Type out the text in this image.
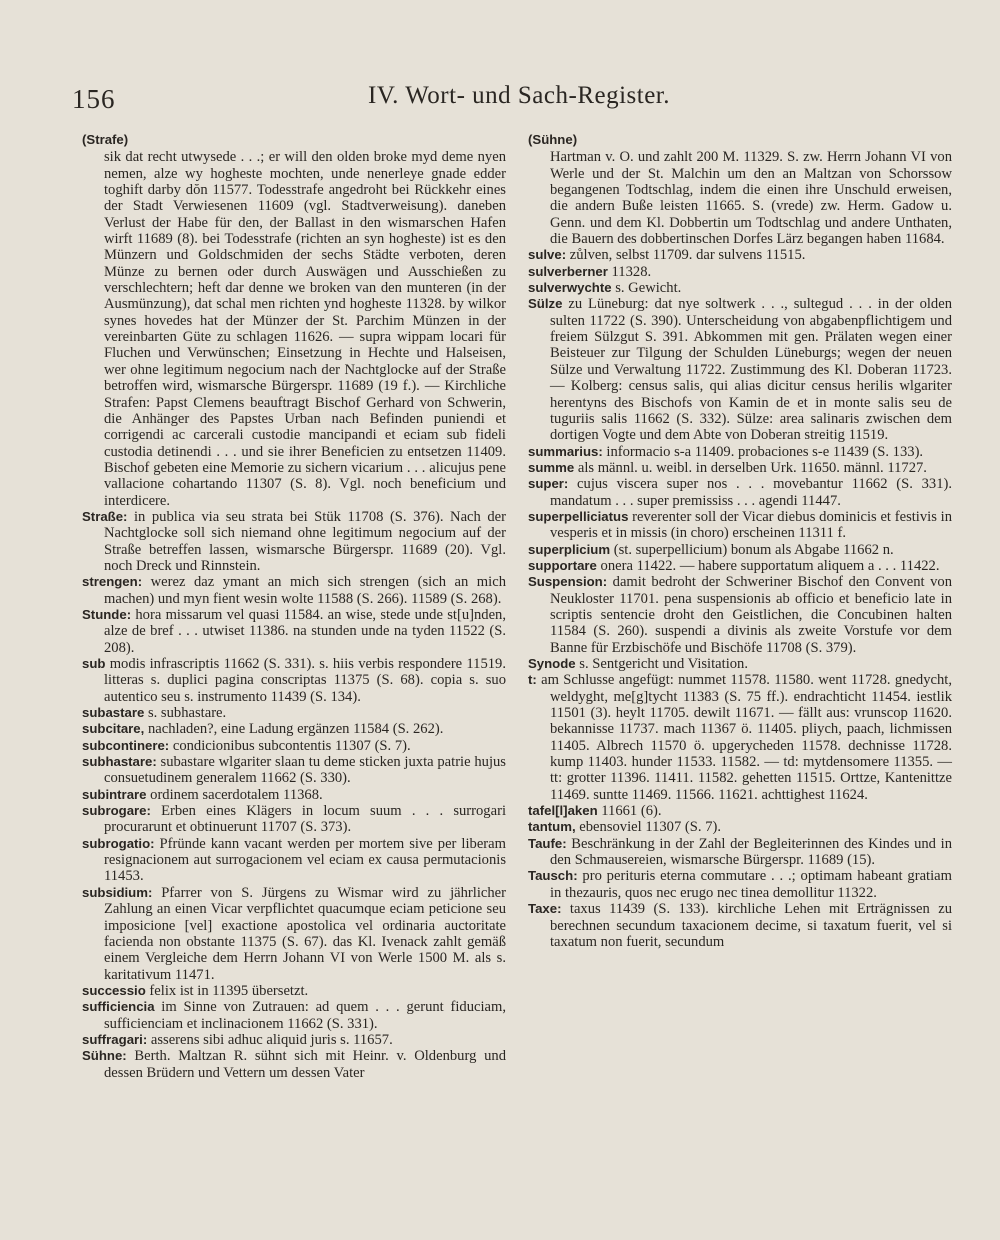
156	IV. Wort- und Sach-Register.

(Strafe)

sik dat recht utwysede . . .; er will den olden broke myd deme nyen nemen, alze wy hogheste mochten, unde nenerleye gnade edder toghift darby dŏn 11577. Todesstrafe angedroht bei Rückkehr eines der Stadt Verwiesenen 11609 (vgl. Stadtverweisung). daneben Verlust der Habe für den, der Ballast in den wismarschen Hafen wirft 11689 (8). bei Todesstrafe (richten an syn hogheste) ist es den Münzern und Goldschmiden der sechs Städte verboten, deren Münze zu bernen oder durch Auswägen und Ausschießen zu verschlechtern; heft dar denne we broken van den munteren (in der Ausmünzung), dat schal men richten ynd hogheste 11328. by wilkor synes hovedes hat der Münzer der St. Parchim Münzen in der vereinbarten Güte zu schlagen 11626. — supra wippam locari für Fluchen und Verwünschen; Einsetzung in Hechte und Halseisen, wer ohne legitimum negocium nach der Nachtglocke auf der Straße betroffen wird, wismarsche Bürgerspr. 11689 (19 f.). — Kirchliche Strafen: Papst Clemens beauftragt Bischof Gerhard von Schwerin, die Anhänger des Papstes Urban nach Befinden puniendi et corrigendi ac carcerali custodie mancipandi et eciam sub fideli custodia detinendi . . . und sie ihrer Beneficien zu entsetzen 11409. Bischof gebeten eine Memorie zu sichern vicarium . . . alicujus pene vallacione cohartando 11307 (S. 8). Vgl. noch beneficium und interdicere.

Straße: in publica via seu strata bei Stük 11708 (S. 376). Nach der Nachtglocke soll sich niemand ohne legitimum negocium auf der Straße betreffen lassen, wismarsche Bürgerspr. 11689 (20). Vgl. noch Dreck und Rinnstein.

strengen: werez daz ymant an mich sich strengen (sich an mich machen) und myn fient wesin wolte 11588 (S. 266). 11589 (S. 268).

Stunde: hora missarum vel quasi 11584. an wise, stede unde st[u]nden, alze de bref . . . utwiset 11386. na stunden unde na tyden 11522 (S. 208).

sub modis infrascriptis 11662 (S. 331). s. hiis verbis respondere 11519. litteras s. duplici pagina conscriptas 11375 (S. 68). copia s. suo autentico seu s. instrumento 11439 (S. 134).

subastare s. subhastare.

subcitare, nachladen?, eine Ladung ergänzen 11584 (S. 262).

subcontinere: condicionibus subcontentis 11307 (S. 7).

subhastare: subastare wlgariter slaan tu deme sticken juxta patrie hujus consuetudinem generalem 11662 (S. 330).

subintrare ordinem sacerdotalem 11368.

subrogare: Erben eines Klägers in locum suum . . . surrogari procurarunt et obtinuerunt 11707 (S. 373).

subrogatio: Pfründe kann vacant werden per mortem sive per liberam resignacionem aut surrogacionem vel eciam ex causa permutacionis 11453.

subsidium: Pfarrer von S. Jürgens zu Wismar wird zu jährlicher Zahlung an einen Vicar verpflichtet quacumque eciam peticione seu imposicione [vel] exactione apostolica vel ordinaria auctoritate facienda non obstante 11375 (S. 67). das Kl. Ivenack zahlt gemäß einem Vergleiche dem Herrn Johann VI von Werle 1500 M. als s. karitativum 11471.

successio felix ist in 11395 übersetzt.

sufficiencia im Sinne von Zutrauen: ad quem . . . gerunt fiduciam, sufficienciam et inclinacionem 11662 (S. 331).

suffragari: asserens sibi adhuc aliquid juris s. 11657.

Sühne: Berth. Maltzan R. sühnt sich mit Heinr. v. Oldenburg und dessen Brüdern und Vettern um dessen Vater

(Sühne)

Hartman v. O. und zahlt 200 M. 11329. S. zw. Herrn Johann VI von Werle und der St. Malchin um den an Maltzan von Schorssow begangenen Todtschlag, indem die einen ihre Unschuld erweisen, die andern Buße leisten 11665. S. (vrede) zw. Herm. Gadow u. Genn. und dem Kl. Dobbertin um Todtschlag und andere Unthaten, die Bauern des dobbertinschen Dorfes Lärz begangen haben 11684.

sulve: zůlven, selbst 11709. dar sulvens 11515.

sulverberner 11328.

sulverwychte s. Gewicht.

Sülze zu Lüneburg: dat nye soltwerk . . ., sultegud . . . in der olden sulten 11722 (S. 390). Unterscheidung von abgabenpflichtigem und freiem Sülzgut S. 391. Abkommen mit gen. Prälaten wegen einer Beisteuer zur Tilgung der Schulden Lüneburgs; wegen der neuen Sülze und Verwaltung 11722. Zustimmung des Kl. Doberan 11723. — Kolberg: census salis, qui alias dicitur census herilis wlgariter herentyns des Bischofs von Kamin de et in monte salis seu de tuguriis salis 11662 (S. 332). Sülze: area salinaris zwischen dem dortigen Vogte und dem Abte von Doberan streitig 11519.

summarius: informacio s-a 11409. probaciones s-e 11439 (S. 133).

summe als männl. u. weibl. in derselben Urk. 11650. männl. 11727.

super: cujus viscera super nos . . . movebantur 11662 (S. 331). mandatum . . . super premississ . . . agendi 11447.

superpelliciatus reverenter soll der Vicar diebus dominicis et festivis in vesperis et in missis (in choro) erscheinen 11311 f.

superplicium (st. superpellicium) bonum als Abgabe 11662 n.

supportare onera 11422. — habere supportatum aliquem a . . . 11422.

Suspension: damit bedroht der Schweriner Bischof den Convent von Neukloster 11701. pena suspensionis ab officio et beneficio late in scriptis sentencie droht den Geistlichen, die Concubinen halten 11584 (S. 260). suspendi a divinis als zweite Vorstufe vor dem Banne für Erzbischöfe und Bischöfe 11708 (S. 379).

Synode s. Sentgericht und Visitation.

t: am Schlusse angefügt: nummet 11578. 11580. went 11728. gnedycht, weldyght, me[g]tycht 11383 (S. 75 ff.). endrachticht 11454. iestlik 11501 (3). heylt 11705. dewilt 11671. — fällt aus: vrunscop 11620. bekannisse 11737. mach 11367 ö. 11405. pliych, paach, lichmissen 11405. Albrech 11570 ö. upgerycheden 11578. dechnisse 11728. kump 11403. hunder 11533. 11582. — td: mytdensomere 11355. — tt: grotter 11396. 11411. 11582. gehetten 11515. Orttze, Kantenittze 11469. suntte 11469. 11566. 11621. achttighest 11624.

tafel[l]aken 11661 (6).

tantum, ebensoviel 11307 (S. 7).

Taufe: Beschränkung in der Zahl der Begleiterinnen des Kindes und in den Schmausereien, wismarsche Bürgerspr. 11689 (15).

Tausch: pro perituris eterna commutare . . .; optimam habeant gratiam in thezauris, quos nec erugo nec tinea demollitur 11322.

Taxe: taxus 11439 (S. 133). kirchliche Lehen mit Erträgnissen zu berechnen secundum taxacionem decime, si taxatum fuerit, vel si taxatum non fuerit, secundum
